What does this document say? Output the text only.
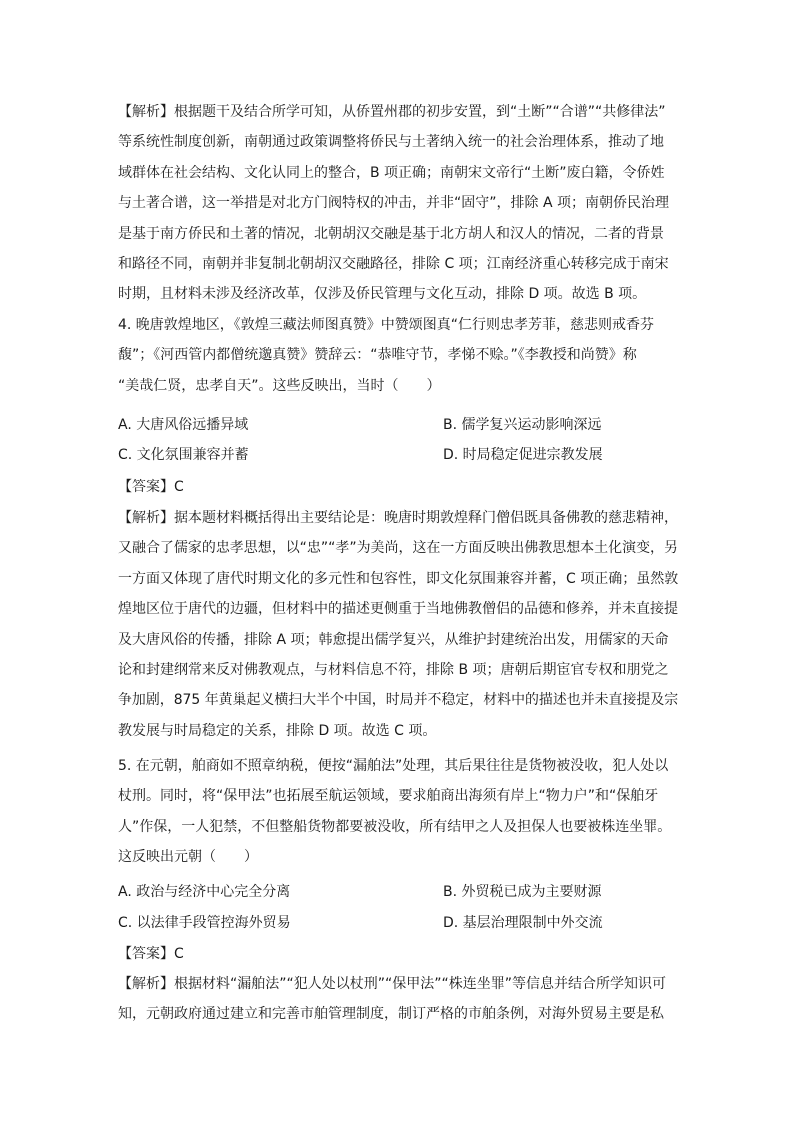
【解析】根据题干及结合所学可知，从侨置州郡的初步安置，到“土断”“合谱”“共修律法”
等系统性制度创新，南朝通过政策调整将侨民与土著纳入统一的社会治理体系，推动了地
域群体在社会结构、文化认同上的整合，B 项正确；南朝宋文帝行“土断”废白籍，令侨姓
与土著合谱，这一举措是对北方门阀特权的冲击，并非“固守”，排除 A 项；南朝侨民治理
是基于南方侨民和土著的情况，北朝胡汉交融是基于北方胡人和汉人的情况，二者的背景
和路径不同，南朝并非复制北朝胡汉交融路径，排除 C 项；江南经济重心转移完成于南宋
时期，且材料未涉及经济改革，仅涉及侨民管理与文化互动，排除 D 项。故选 B 项。
4. 晚唐敦煌地区，《敦煌三藏法师图真赞》中赞颂图真“仁行则忠孝芳菲，慈悲则戒香芬
馥”；《河西管内都僧统邈真赞》赞辞云：“恭唯守节，孝悌不赊。”《李教授和尚赞》称
“美哉仁贤，忠孝自天”。这些反映出，当时（　　）
A. 大唐风俗远播异域	B. 儒学复兴运动影响深远
C. 文化氛围兼容并蓄	D. 时局稳定促进宗教发展
【答案】C
【解析】据本题材料概括得出主要结论是：晚唐时期敦煌释门僧侣既具备佛教的慈悲精神，
又融合了儒家的忠孝思想，以“忠”“孝”为美尚，这在一方面反映出佛教思想本土化演变，另
一方面又体现了唐代时期文化的多元性和包容性，即文化氛围兼容并蓄，C 项正确；虽然敦
煌地区位于唐代的边疆，但材料中的描述更侧重于当地佛教僧侣的品德和修养，并未直接提
及大唐风俗的传播，排除 A 项；韩愈提出儒学复兴，从维护封建统治出发，用儒家的天命
论和封建纲常来反对佛教观点，与材料信息不符，排除 B 项；唐朝后期宦官专权和朋党之
争加剧，875 年黄巢起义横扫大半个中国，时局并不稳定，材料中的描述也并未直接提及宗
教发展与时局稳定的关系，排除 D 项。故选 C 项。
5. 在元朝，舶商如不照章纳税，便按“漏舶法”处理，其后果往往是货物被没收，犯人处以
杖刑。同时，将“保甲法”也拓展至航运领域，要求舶商出海须有岸上“物力户”和“保舶牙
人”作保，一人犯禁，不但整船货物都要被没收，所有结甲之人及担保人也要被株连坐罪。
这反映出元朝（　　）
A. 政治与经济中心完全分离	B. 外贸税已成为主要财源
C. 以法律手段管控海外贸易	D. 基层治理限制中外交流
【答案】C
【解析】根据材料“漏舶法”“犯人处以杖刑”“保甲法”“株连坐罪”等信息并结合所学知识可
知，元朝政府通过建立和完善市舶管理制度，制订严格的市舶条例，对海外贸易主要是私
